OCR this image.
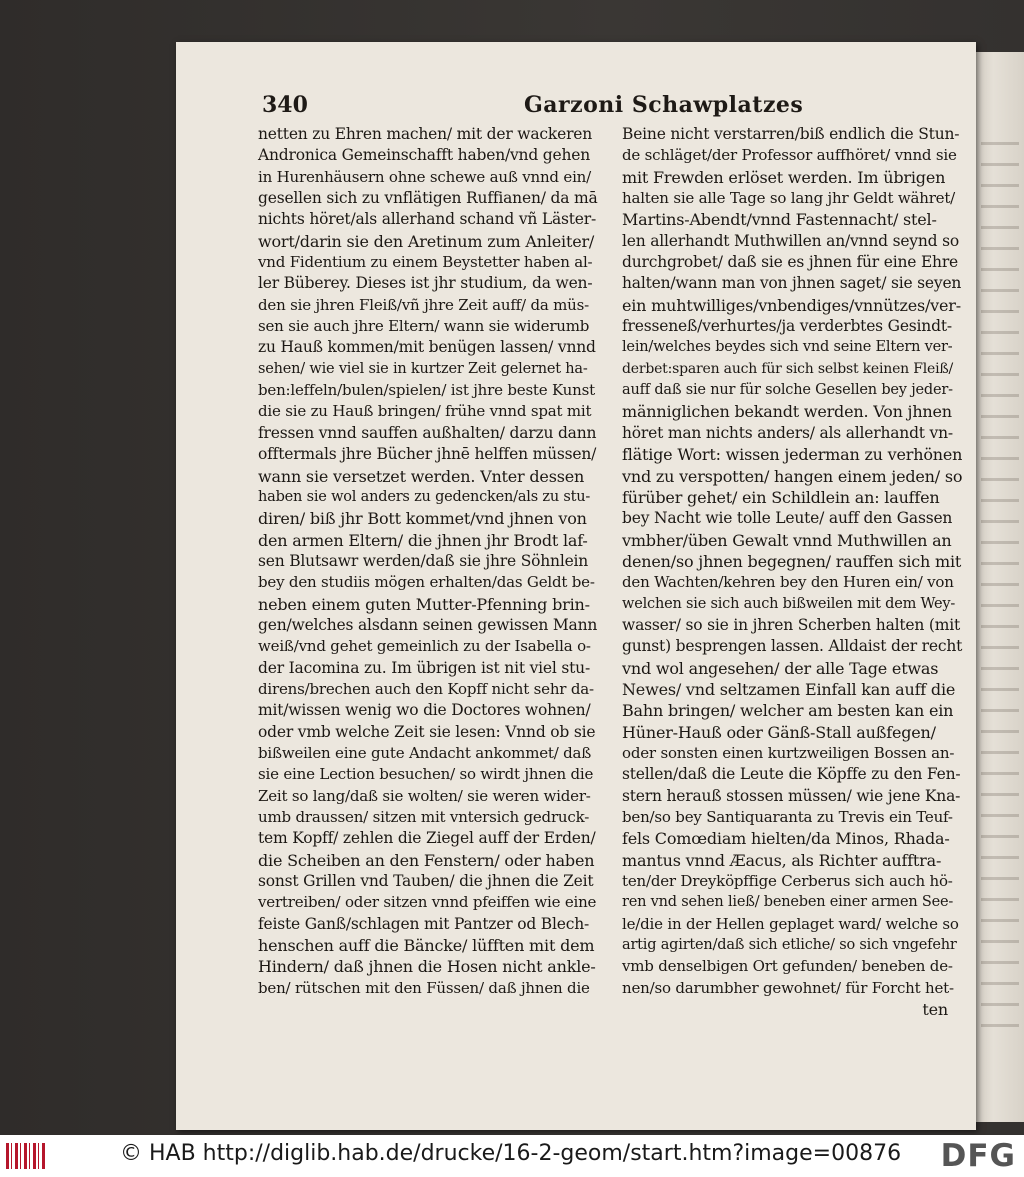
340	Garzoni Schawplatzes
netten zu Ehren machen/ mit der wackeren
Andronica Gemeinschafft haben/vnd gehen
in Hurenhäusern ohne schewe auß vnnd ein/
gesellen sich zu vnflätigen Ruffianen/ da mā
nichts höret/als allerhand schand vñ Läster-
wort/darin sie den Aretinum zum Anleiter/
vnd Fidentium zu einem Beystetter haben al-
ler Büberey. Dieses ist jhr studium, da wen-
den sie jhren Fleiß/vñ jhre Zeit auff/ da müs-
sen sie auch jhre Eltern/ wann sie widerumb
zu Hauß kommen/mit benügen lassen/ vnnd
sehen/ wie viel sie in kurtzer Zeit gelernet ha-
ben:leffeln/bulen/spielen/ ist jhre beste Kunst
die sie zu Hauß bringen/ frühe vnnd spat mit
fressen vnnd sauffen außhalten/ darzu dann
offtermals jhre Bücher jhnē helffen müssen/
wann sie versetzet werden. Vnter dessen
haben sie wol anders zu gedencken/als zu stu-
diren/ biß jhr Bott kommet/vnd jhnen von
den armen Eltern/ die jhnen jhr Brodt laf-
sen Blutsawr werden/daß sie jhre Söhnlein
bey den studiis mögen erhalten/das Geldt be-
neben einem guten Mutter-Pfenning brin-
gen/welches alsdann seinen gewissen Mann
weiß/vnd gehet gemeinlich zu der Isabella o-
der Iacomina zu. Im übrigen ist nit viel stu-
direns/brechen auch den Kopff nicht sehr da-
mit/wissen wenig wo die Doctores wohnen/
oder vmb welche Zeit sie lesen: Vnnd ob sie
bißweilen eine gute Andacht ankommet/ daß
sie eine Lection besuchen/ so wirdt jhnen die
Zeit so lang/daß sie wolten/ sie weren wider-
umb draussen/ sitzen mit vntersich gedruck-
tem Kopff/ zehlen die Ziegel auff der Erden/
die Scheiben an den Fenstern/ oder haben
sonst Grillen vnd Tauben/ die jhnen die Zeit
vertreiben/ oder sitzen vnnd pfeiffen wie eine
feiste Ganß/schlagen mit Pantzer od Blech-
henschen auff die Bäncke/ lüfften mit dem
Hindern/ daß jhnen die Hosen nicht ankle-
ben/ rütschen mit den Füssen/ daß jhnen die
Beine nicht verstarren/biß endlich die Stun-
de schläget/der Professor auffhöret/ vnnd sie
mit Frewden erlöset werden. Im übrigen
halten sie alle Tage so lang jhr Geldt währet/
Martins-Abendt/vnnd Fastennacht/ stel-
len allerhandt Muthwillen an/vnnd seynd so
durchgrobet/ daß sie es jhnen für eine Ehre
halten/wann man von jhnen saget/ sie seyen
ein muhtwilliges/vnbendiges/vnnützes/ver-
fresseneß/verhurtes/ja verderbtes Gesindt-
lein/welches beydes sich vnd seine Eltern ver-
derbet:sparen auch für sich selbst keinen Fleiß/
auff daß sie nur für solche Gesellen bey jeder-
männiglichen bekandt werden. Von jhnen
höret man nichts anders/ als allerhandt vn-
flätige Wort: wissen jederman zu verhönen
vnd zu verspotten/ hangen einem jeden/ so
fürüber gehet/ ein Schildlein an: lauffen
bey Nacht wie tolle Leute/ auff den Gassen
vmbher/üben Gewalt vnnd Muthwillen an
denen/so jhnen begegnen/ rauffen sich mit
den Wachten/kehren bey den Huren ein/ von
welchen sie sich auch bißweilen mit dem Wey-
wasser/ so sie in jhren Scherben halten (mit
gunst) besprengen lassen. Alldaist der recht
vnd wol angesehen/ der alle Tage etwas
Newes/ vnd seltzamen Einfall kan auff die
Bahn bringen/ welcher am besten kan ein
Hüner-Hauß oder Gänß-Stall außfegen/
oder sonsten einen kurtzweiligen Bossen an-
stellen/daß die Leute die Köpffe zu den Fen-
stern herauß stossen müssen/ wie jene Kna-
ben/so bey Santiquaranta zu Trevis ein Teuf-
fels Comœdiam hielten/da Minos, Rhada-
mantus vnnd Æacus, als Richter aufftra-
ten/der Dreyköpffige Cerberus sich auch hö-
ren vnd sehen ließ/ beneben einer armen See-
le/die in der Hellen geplaget ward/ welche so
artig agirten/daß sich etliche/ so sich vngefehr
vmb denselbigen Ort gefunden/ beneben de-
nen/so darumbher gewohnet/ für Forcht het-
ten
© HAB http://diglib.hab.de/drucke/16-2-geom/start.htm?image=00876 DFG
